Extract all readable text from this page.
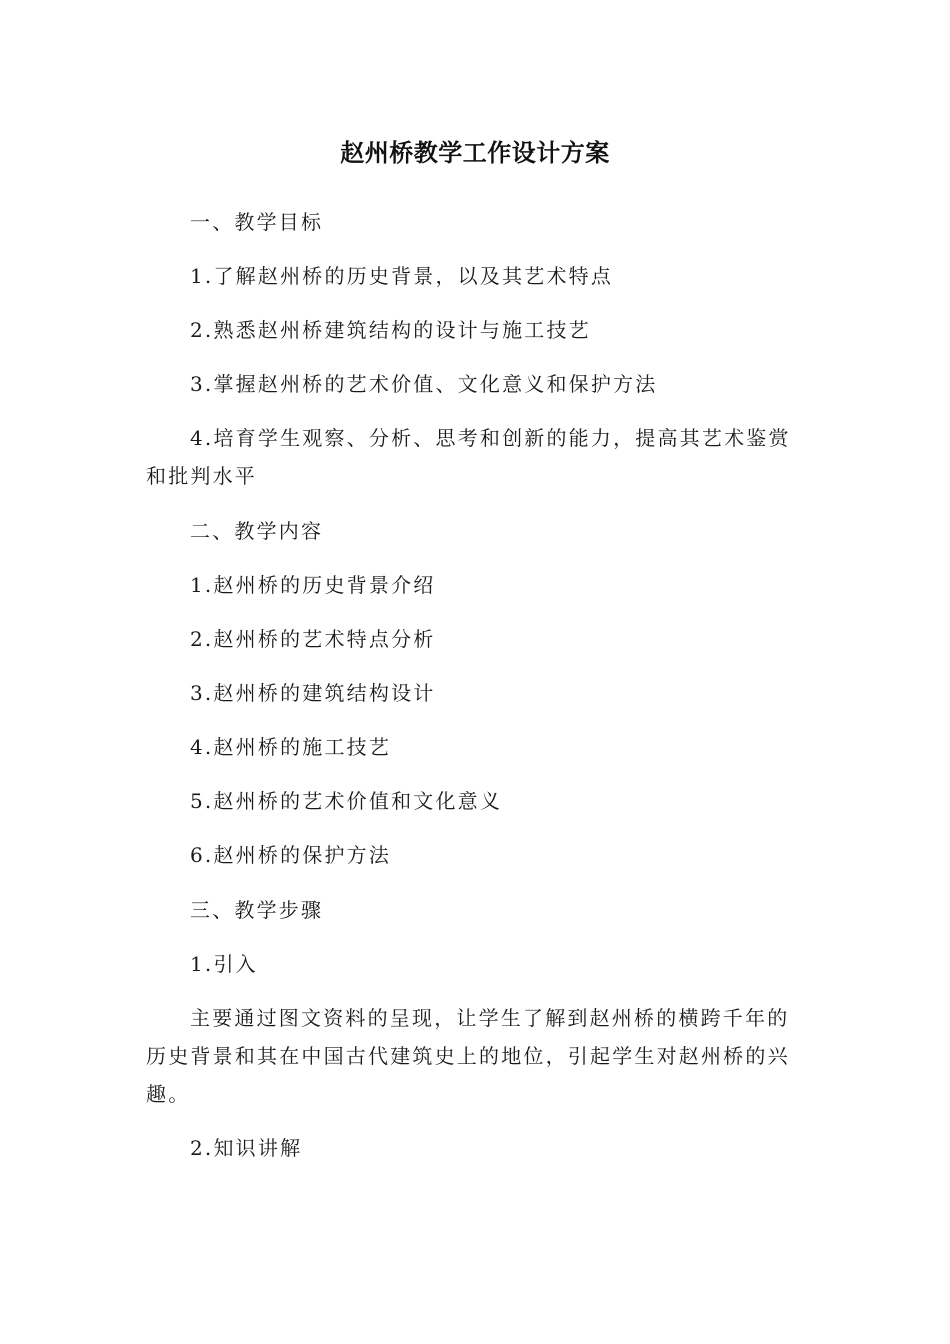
赵州桥教学工作设计方案

一、教学目标

1.了解赵州桥的历史背景，以及其艺术特点

2.熟悉赵州桥建筑结构的设计与施工技艺

3.掌握赵州桥的艺术价值、文化意义和保护方法

4.培育学生观察、分析、思考和创新的能力，提高其艺术鉴赏和批判水平

二、教学内容

1.赵州桥的历史背景介绍

2.赵州桥的艺术特点分析

3.赵州桥的建筑结构设计

4.赵州桥的施工技艺

5.赵州桥的艺术价值和文化意义

6.赵州桥的保护方法

三、教学步骤

1.引入

主要通过图文资料的呈现，让学生了解到赵州桥的横跨千年的历史背景和其在中国古代建筑史上的地位，引起学生对赵州桥的兴趣。

2.知识讲解
